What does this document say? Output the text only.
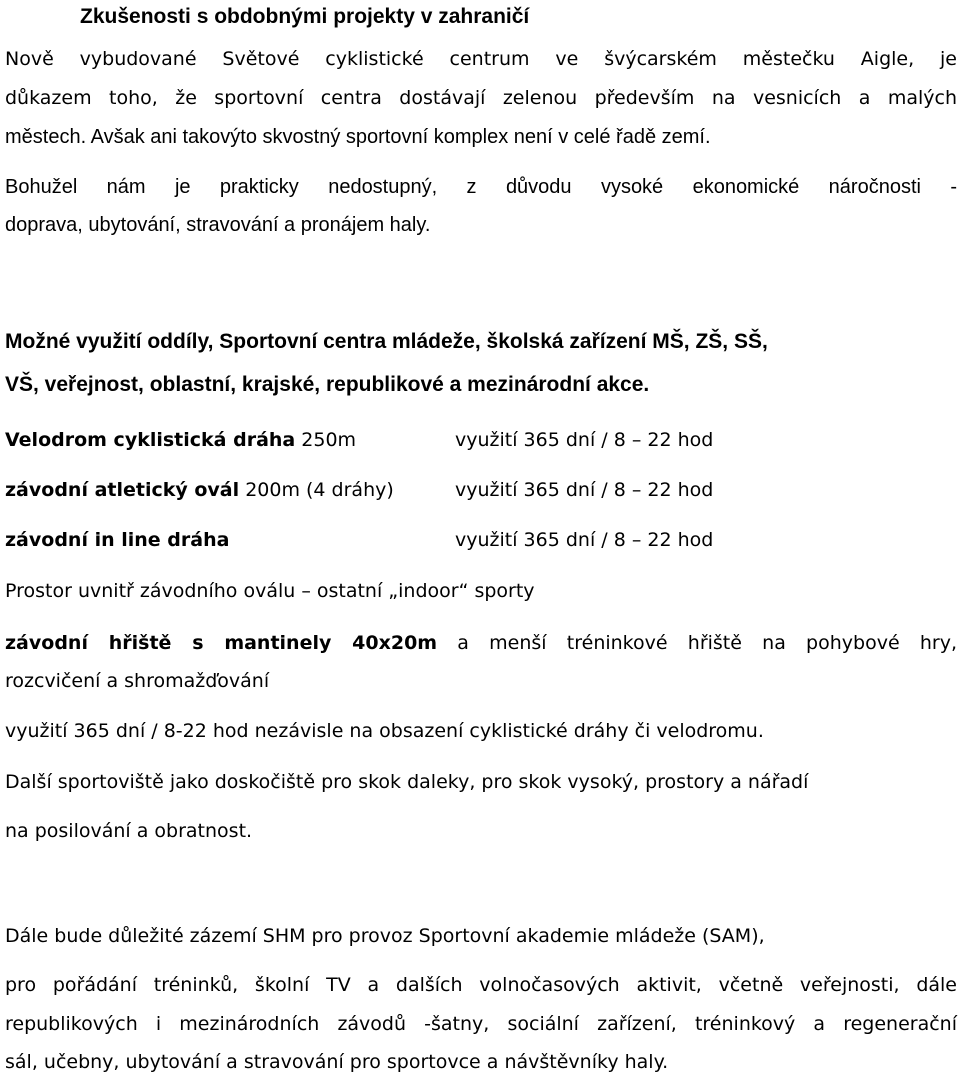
Zkušenosti s obdobnými projekty v zahraničí

Nově vybudované Světové cyklistické centrum ve švýcarském městečku Aigle, je

důkazem toho, že sportovní centra dostávají zelenou především na vesnicích a malých

městech. Avšak ani takovýto skvostný sportovní komplex není v celé řadě zemí.

Bohužel nám je prakticky nedostupný, z důvodu vysoké ekonomické náročnosti -

doprava, ubytování, stravování a pronájem haly.

Možné využití oddíly, Sportovní centra mládeže, školská zařízení MŠ, ZŠ, SŠ,

VŠ, veřejnost, oblastní, krajské, republikové a mezinárodní akce.

Velodrom cyklistická dráha 250m	využití 365 dní / 8 – 22 hod
závodní atletický ovál 200m (4 dráhy)	využití 365 dní / 8 – 22 hod
závodní in line dráha	využití 365 dní / 8 – 22 hod

Prostor uvnitř závodního oválu – ostatní „indoor“ sporty

závodní hřiště s mantinely 40x20m a menší tréninkové hřiště na pohybové hry,

rozcvičení a shromažďování

využití 365 dní / 8-22 hod nezávisle na obsazení cyklistické dráhy či velodromu.

Další sportoviště jako doskočiště pro skok daleky, pro skok vysoký, prostory a nářadí

na posilování a obratnost.

Dále bude důležité zázemí SHM pro provoz Sportovní akademie mládeže (SAM),

pro pořádání tréninků, školní TV a dalších volnočasových aktivit, včetně veřejnosti, dále

republikových i mezinárodních závodů -šatny, sociální zařízení, tréninkový a regenerační

sál, učebny, ubytování a stravování pro sportovce a návštěvníky haly.
